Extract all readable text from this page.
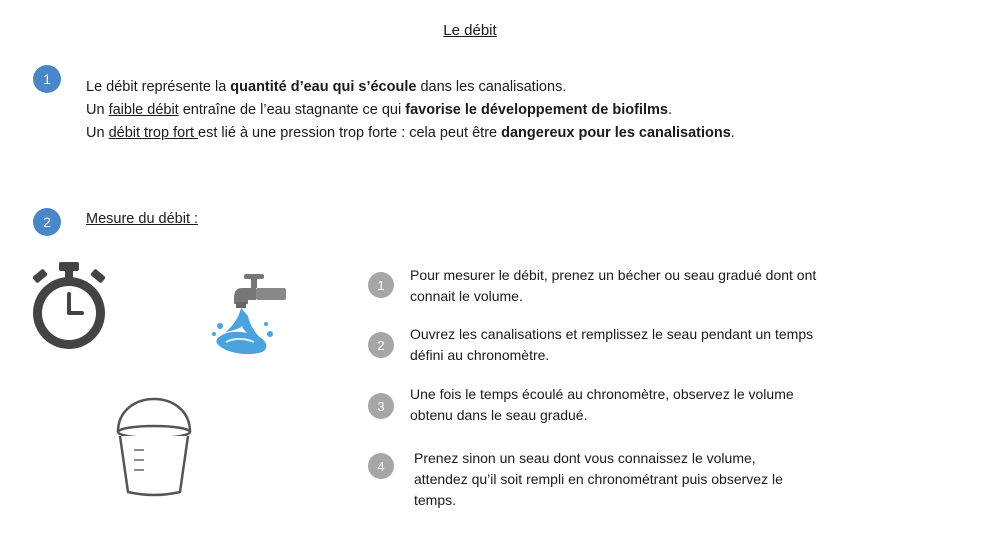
Le débit
1	Le débit représente la quantité d’eau qui s’écoule dans les canalisations.
Un faible débit entraîne de l’eau stagnante ce qui favorise le développement de biofilms.
Un débit trop fort est lié à une pression trop forte : cela peut être dangereux pour les canalisations.
2	Mesure du débit :
1
Pour mesurer le débit, prenez un bécher ou seau gradué dont ont
connait le volume.
2
Ouvrez les canalisations et remplissez le seau pendant un temps
défini au chronomètre.
3
Une fois le temps écoulé au chronomètre, observez le volume
obtenu dans le seau gradué.
4	Prenez sinon un seau dont vous connaissez le volume,
attendez qu’il soit rempli en chronométrant puis observez le
temps.
